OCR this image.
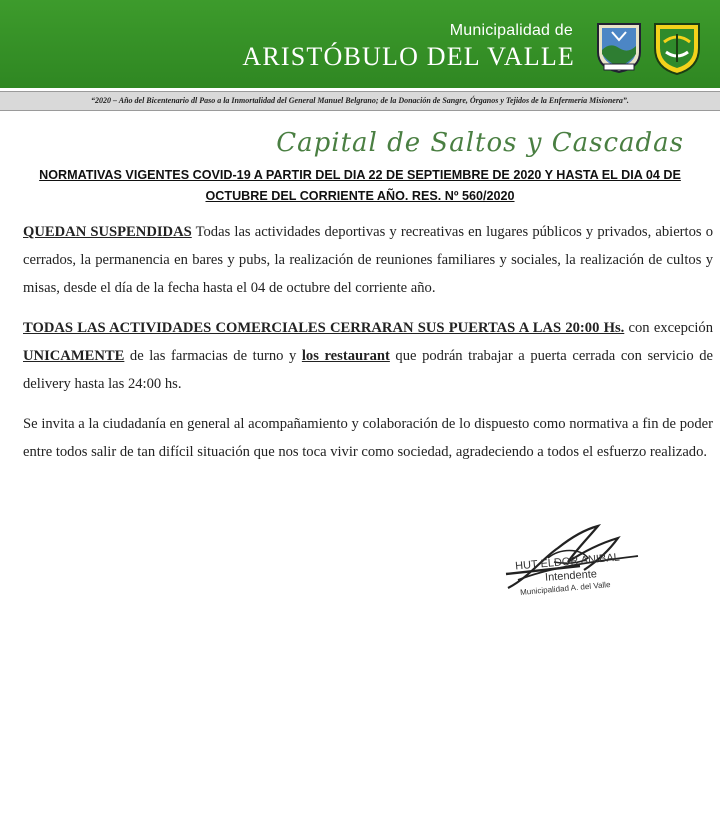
Municipalidad de
ARISTÓBULO DEL VALLE
“2020 – Año del Bicentenario dl Paso a la Inmortalidad del General Manuel Belgrano; de la Donación de Sangre, Órganos y Tejidos de la Enfermería Misionera”.
Capital de Saltos y Cascadas
NORMATIVAS VIGENTES COVID-19 A PARTIR DEL DIA 22 DE SEPTIEMBRE DE 2020 Y HASTA EL DIA 04 DE OCTUBRE DEL CORRIENTE AÑO. RES. Nº 560/2020
QUEDAN SUSPENDIDAS Todas las actividades deportivas y recreativas en lugares públicos y privados, abiertos o cerrados, la permanencia en bares y pubs, la realización de reuniones familiares y sociales, la realización de cultos y misas, desde el día de la fecha hasta el 04 de octubre del corriente año.
TODAS LAS ACTIVIDADES COMERCIALES CERRARAN SUS PUERTAS A LAS 20:00 Hs. con excepción UNICAMENTE de las farmacias de turno y los restaurant que podrán trabajar a puerta cerrada con servicio de delivery hasta las 24:00 hs.
Se invita a la ciudadanía en general al acompañamiento y colaboración de lo dispuesto como normativa a fin de poder entre todos salir de tan difícil situación que nos toca vivir como sociedad, agradeciendo a todos el esfuerzo realizado.
HUT ELDOR ANIBAL
Intendente
Municipalidad A. del Valle
